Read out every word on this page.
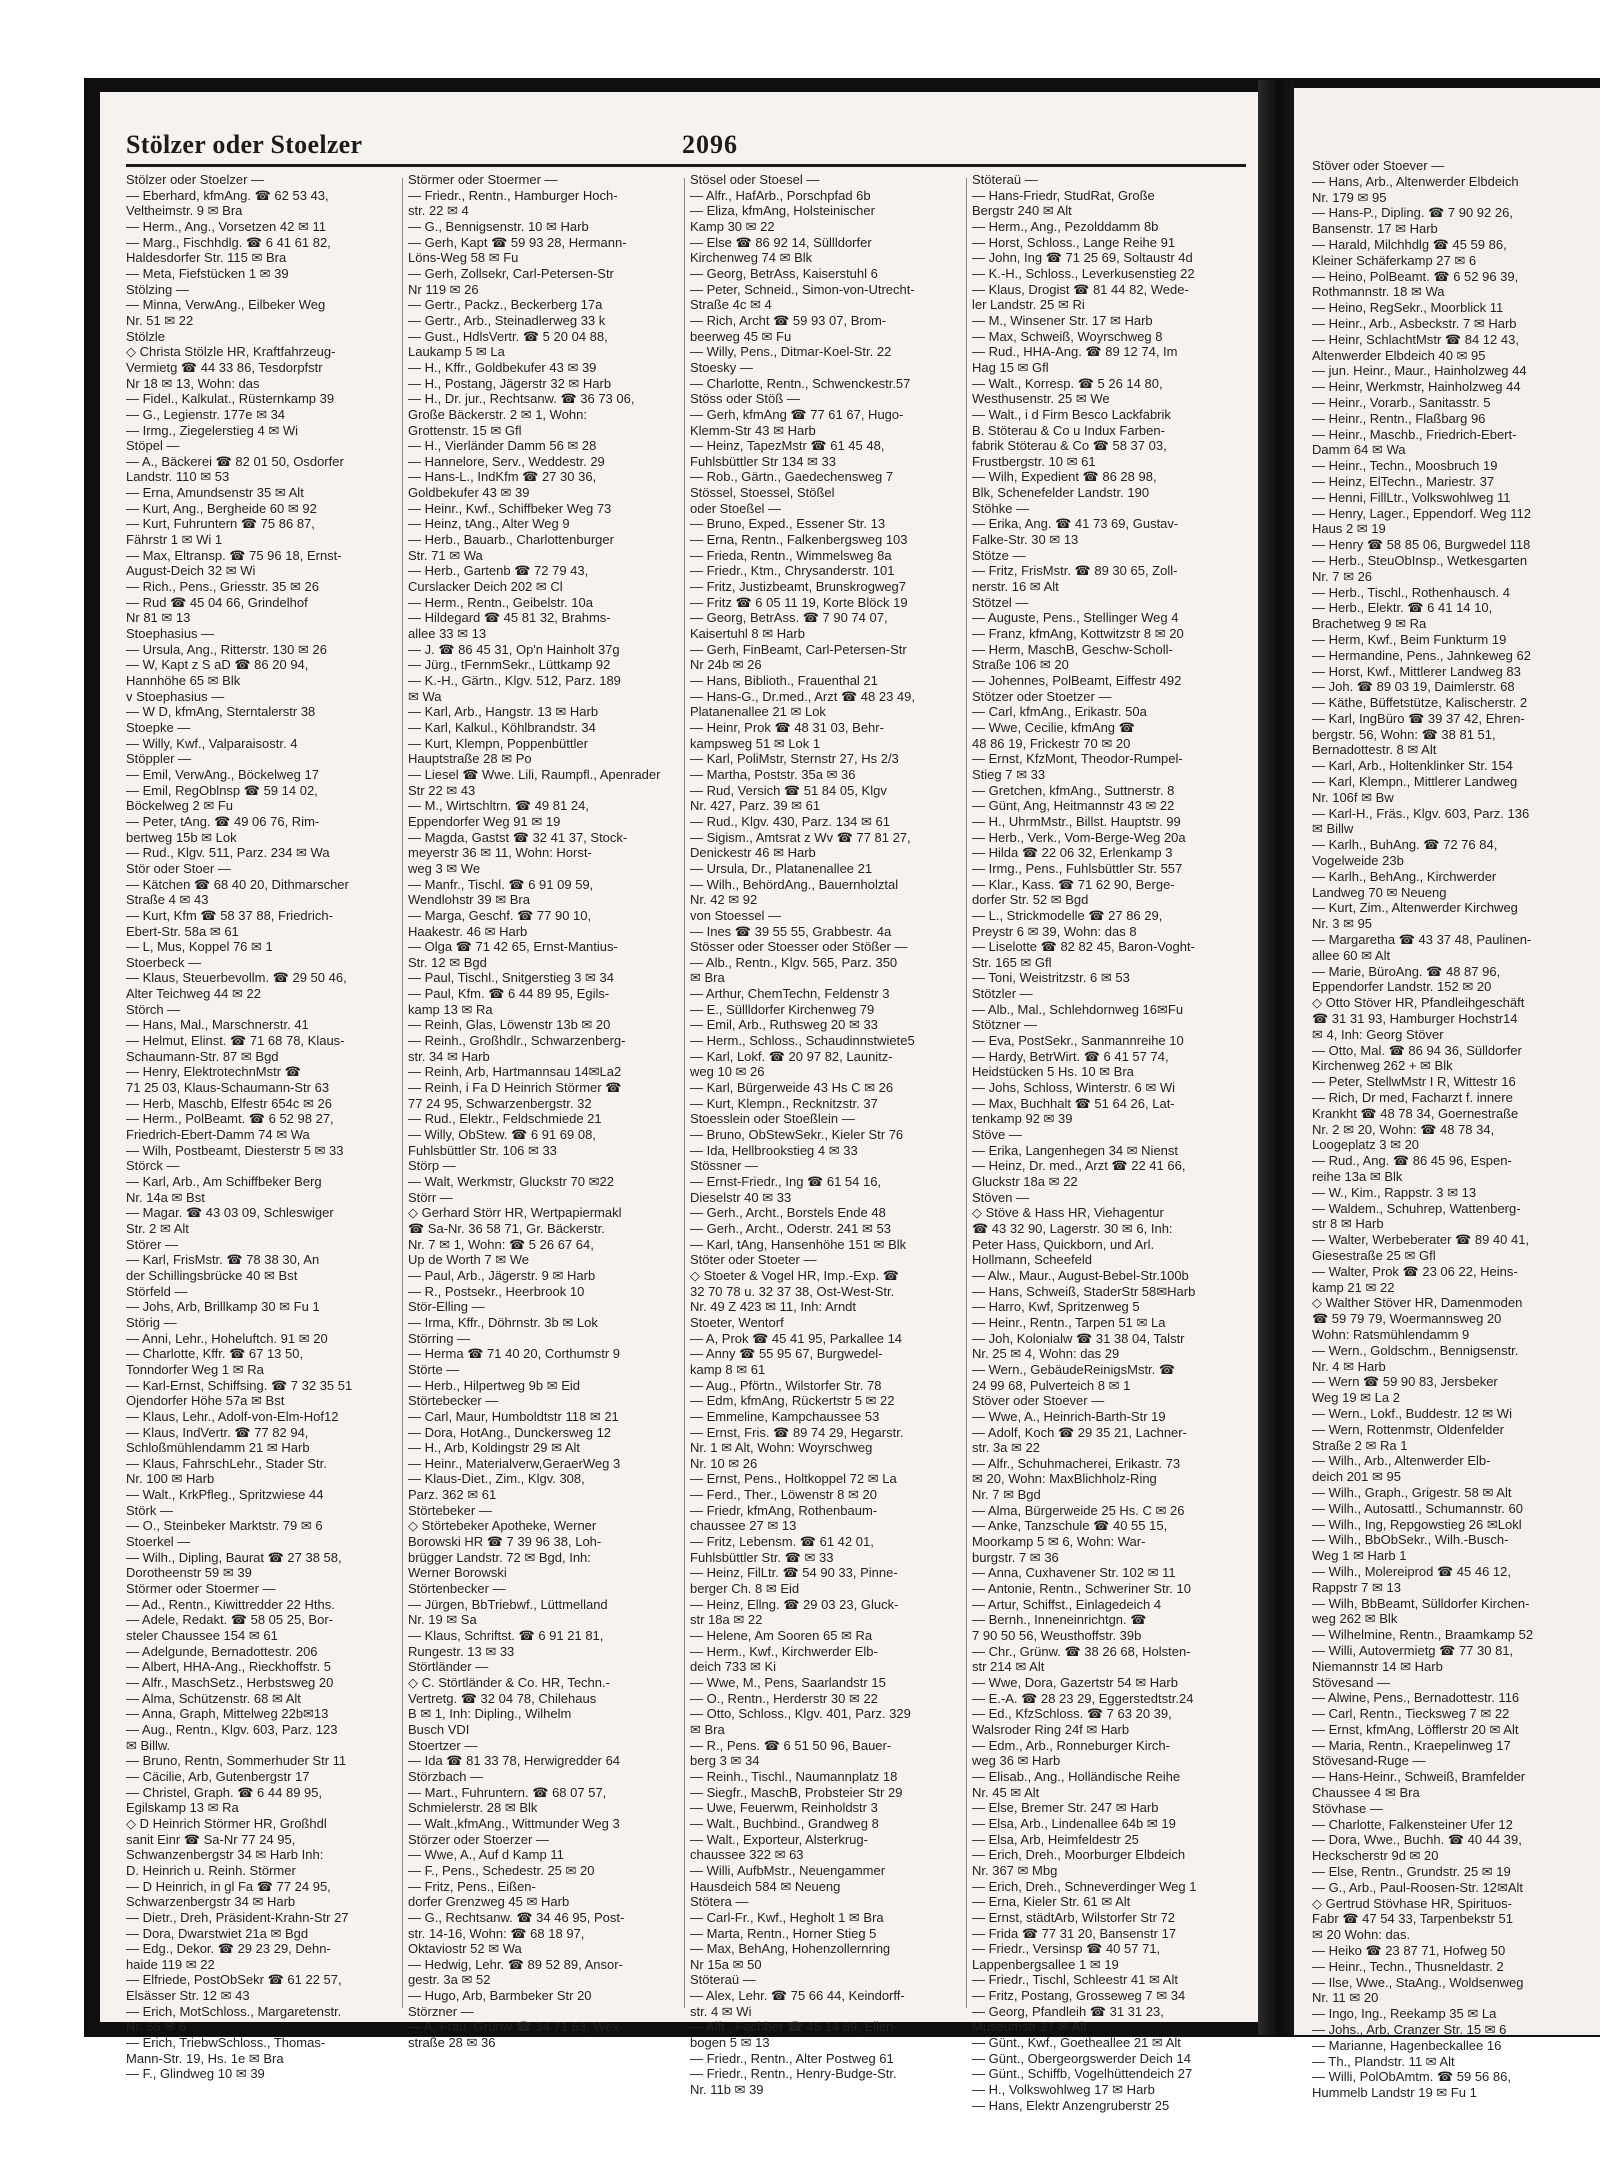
Stölzer oder Stoelzer	2096

Stölzer oder Stoelzer —

— Eberhard, kfmAng. ☎ 62 53 43,

Veltheimstr. 9 ✉ Bra

— Herm., Ang., Vorsetzen 42 ✉ 11

— Marg., Fischhdlg. ☎ 6 41 61 82,

Haldesdorfer Str. 115 ✉ Bra

— Meta, Fiefstücken 1 ✉ 39

Stölzing —

— Minna, VerwAng., Eilbeker Weg

Nr. 51 ✉ 22

Stölzle

◇ Christa Stölzle HR, Kraftfahrzeug-

Vermietg ☎ 44 33 86, Tesdorpfstr

Nr 18 ✉ 13, Wohn: das

— Fidel., Kalkulat., Rüsternkamp 39

— G., Legienstr. 177e ✉ 34

— Irmg., Ziegelerstieg 4 ✉ Wi

Stöpel —

— A., Bäckerei ☎ 82 01 50, Osdorfer

Landstr. 110 ✉ 53

— Erna, Amundsenstr 35 ✉ Alt

— Kurt, Ang., Bergheide 60 ✉ 92

— Kurt, Fuhruntern ☎ 75 86 87,

Fährstr 1 ✉ Wi 1

— Max, Eltransp. ☎ 75 96 18, Ernst-

August-Deich 32 ✉ Wi

— Rich., Pens., Griesstr. 35 ✉ 26

— Rud ☎ 45 04 66, Grindelhof

Nr 81 ✉ 13

Stoephasius —

— Ursula, Ang., Ritterstr. 130 ✉ 26

— W, Kapt z S aD ☎ 86 20 94,

Hannhöhe 65 ✉ Blk

v Stoephasius —

— W D, kfmAng, Sterntalerstr 38

Stoepke —

— Willy, Kwf., Valparaisostr. 4

Stöppler —

— Emil, VerwAng., Böckelweg 17

— Emil, RegOblnsp ☎ 59 14 02,

Böckelweg 2 ✉ Fu

— Peter, tAng. ☎ 49 06 76, Rim-

bertweg 15b ✉ Lok

— Rud., Klgv. 511, Parz. 234 ✉ Wa

Stör oder Stoer —

— Kätchen ☎ 68 40 20, Dithmarscher

Straße 4 ✉ 43

— Kurt, Kfm ☎ 58 37 88, Friedrich-

Ebert-Str. 58a ✉ 61

— L, Mus, Koppel 76 ✉ 1

Stoerbeck —

— Klaus, Steuerbevollm. ☎ 29 50 46,

Alter Teichweg 44 ✉ 22

Störch —

— Hans, Mal., Marschnerstr. 41

— Helmut, Elinst. ☎ 71 68 78, Klaus-

Schaumann-Str. 87 ✉ Bgd

— Henry, ElektrotechnMstr ☎

71 25 03, Klaus-Schaumann-Str 63

— Herb, Maschb, Elfestr 654c ✉ 26

— Herm., PolBeamt. ☎ 6 52 98 27,

Friedrich-Ebert-Damm 74 ✉ Wa

— Wilh, Postbeamt, Diesterstr 5 ✉ 33

Störck —

— Karl, Arb., Am Schiffbeker Berg

Nr. 14a ✉ Bst

— Magar. ☎ 43 03 09, Schleswiger

Str. 2 ✉ Alt

Störer —

— Karl, FrisMstr. ☎ 78 38 30, An

der Schillingsbrücke 40 ✉ Bst

Störfeld —

— Johs, Arb, Brillkamp 30 ✉ Fu 1

Störig —

— Anni, Lehr., Hoheluftch. 91 ✉ 20

— Charlotte, Kffr. ☎ 67 13 50,

Tonndorfer Weg 1 ✉ Ra

— Karl-Ernst, Schiffsing. ☎ 7 32 35 51

Ojendorfer Höhe 57a ✉ Bst

— Klaus, Lehr., Adolf-von-Elm-Hof12

— Klaus, IndVertr. ☎ 77 82 94,

Schloßmühlendamm 21 ✉ Harb

— Klaus, FahrschLehr., Stader Str.

Nr. 100 ✉ Harb

— Walt., KrkPfleg., Spritzwiese 44

Störk —

— O., Steinbeker Marktstr. 79 ✉ 6

Stoerkel —

— Wilh., Dipling, Baurat ☎ 27 38 58,

Dorotheenstr 59 ✉ 39

Störmer oder Stoermer —

— Ad., Rentn., Kiwittredder 22 Hths.

— Adele, Redakt. ☎ 58 05 25, Bor-

steler Chaussee 154 ✉ 61

— Adelgunde, Bernadottestr. 206

— Albert, HHA-Ang., Rieckhoffstr. 5

— Alfr., MaschSetz., Herbstsweg 20

— Alma, Schützenstr. 68 ✉ Alt

— Anna, Graph, Mittelweg 22b✉13

— Aug., Rentn., Klgv. 603, Parz. 123

✉ Billw.

— Bruno, Rentn, Sommerhuder Str 11

— Cäcilie, Arb, Gutenbergstr 17

— Christel, Graph. ☎ 6 44 89 95,

Egilskamp 13 ✉ Ra

◇ D Heinrich Störmer HR, Großhdl

sanit Einr ☎ Sa-Nr 77 24 95,

Schwanzenbergstr 34 ✉ Harb Inh:

D. Heinrich u. Reinh. Störmer

— D Heinrich, in gl Fa ☎ 77 24 95,

Schwarzenbergstr 34 ✉ Harb

— Dietr., Dreh, Präsident-Krahn-Str 27

— Dora, Dwarstwiet 21a ✉ Bgd

— Edg., Dekor. ☎ 29 23 29, Dehn-

haide 119 ✉ 22

— Elfriede, PostObSekr ☎ 61 22 57,

Elsässer Str. 12 ✉ 43

— Erich, MotSchloss., Margaretenstr.

Nr. 56 ✉ 6

— Erich, TriebwSchloss., Thomas-

Mann-Str. 19, Hs. 1e ✉ Bra

— F., Glindweg 10 ✉ 39

Störmer oder Stoermer —

— Friedr., Rentn., Hamburger Hoch-

str. 22 ✉ 4

— G., Bennigsenstr. 10 ✉ Harb

— Gerh, Kapt ☎ 59 93 28, Hermann-

Löns-Weg 58 ✉ Fu

— Gerh, Zollsekr, Carl-Petersen-Str

Nr 119 ✉ 26

— Gertr., Packz., Beckerberg 17a

— Gertr., Arb., Steinadlerweg 33 k

— Gust., HdlsVertr. ☎ 5 20 04 88,

Laukamp 5 ✉ La

— H., Kffr., Goldbekufer 43 ✉ 39

— H., Postang, Jägerstr 32 ✉ Harb

— H., Dr. jur., Rechtsanw. ☎ 36 73 06,

Große Bäckerstr. 2 ✉ 1, Wohn:

Grottenstr. 15 ✉ Gfl

— H., Vierländer Damm 56 ✉ 28

— Hannelore, Serv., Weddestr. 29

— Hans-L., IndKfm ☎ 27 30 36,

Goldbekufer 43 ✉ 39

— Heinr., Kwf., Schiffbeker Weg 73

— Heinz, tAng., Alter Weg 9

— Herb., Bauarb., Charlottenburger

Str. 71 ✉ Wa

— Herb., Gartenb ☎ 72 79 43,

Curslacker Deich 202 ✉ Cl

— Herm., Rentn., Geibelstr. 10a

— Hildegard ☎ 45 81 32, Brahms-

allee 33 ✉ 13

— J. ☎ 86 45 31, Op'n Hainholt 37g

— Jürg., tFernmSekr., Lüttkamp 92

— K.-H., Gärtn., Klgv. 512, Parz. 189

✉ Wa

— Karl, Arb., Hangstr. 13 ✉ Harb

— Karl, Kalkul., Köhlbrandstr. 34

— Kurt, Klempn, Poppenbüttler

Hauptstraße 28 ✉ Po

— Liesel ☎ Wwe. Lili, Raumpfl., Apenrader

Str 22 ✉ 43

— M., Wirtschltrn. ☎ 49 81 24,

Eppendorfer Weg 91 ✉ 19

— Magda, Gastst ☎ 32 41 37, Stock-

meyerstr 36 ✉ 11, Wohn: Horst-

weg 3 ✉ We

— Manfr., Tischl. ☎ 6 91 09 59,

Wendlohstr 39 ✉ Bra

— Marga, Geschf. ☎ 77 90 10,

Haakestr. 46 ✉ Harb

— Olga ☎ 71 42 65, Ernst-Mantius-

Str. 12 ✉ Bgd

— Paul, Tischl., Snitgerstieg 3 ✉ 34

— Paul, Kfm. ☎ 6 44 89 95, Egils-

kamp 13 ✉ Ra

— Reinh, Glas, Löwenstr 13b ✉ 20

— Reinh., Großhdlr., Schwarzenberg-

str. 34 ✉ Harb

— Reinh, Arb, Hartmannsau 14✉La2

— Reinh, i Fa D Heinrich Störmer ☎

77 24 95, Schwarzenbergstr. 32

— Rud., Elektr., Feldschmiede 21

— Willy, ObStew. ☎ 6 91 69 08,

Fuhlsbüttler Str. 106 ✉ 33

Störp —

— Walt, Werkmstr, Gluckstr 70 ✉22

Störr —

◇ Gerhard Störr HR, Wertpapiermakl

☎ Sa-Nr. 36 58 71, Gr. Bäckerstr.

Nr. 7 ✉ 1, Wohn: ☎ 5 26 67 64,

Up de Worth 7 ✉ We

— Paul, Arb., Jägerstr. 9 ✉ Harb

— R., Postsekr., Heerbrook 10

Stör-Elling —

— Irma, Kffr., Döhrnstr. 3b ✉ Lok

Störring —

— Herma ☎ 71 40 20, Corthumstr 9

Störte —

— Herb., Hilpertweg 9b ✉ Eid

Störtebecker —

— Carl, Maur, Humboldtstr 118 ✉ 21

— Dora, HotAng., Dunckersweg 12

— H., Arb, Koldingstr 29 ✉ Alt

— Heinr., Materialverw,GeraerWeg 3

— Klaus-Diet., Zim., Klgv. 308,

Parz. 362 ✉ 61

Störtebeker —

◇ Störtebeker Apotheke, Werner

Borowski HR ☎ 7 39 96 38, Loh-

brügger Landstr. 72 ✉ Bgd, Inh:

Werner Borowski

Störtenbecker —

— Jürgen, BbTriebwf., Lüttmelland

Nr. 19 ✉ Sa

— Klaus, Schriftst. ☎ 6 91 21 81,

Rungestr. 13 ✉ 33

Störtländer —

◇ C. Störtländer & Co. HR, Techn.-

Vertretg. ☎ 32 04 78, Chilehaus

B ✉ 1, Inh: Dipling., Wilhelm

Busch VDI

Stoertzer —

— Ida ☎ 81 33 78, Herwigredder 64

Störzbach —

— Mart., Fuhruntern. ☎ 68 07 57,

Schmielerstr. 28 ✉ Blk

— Walt.,kfmAng., Wittmunder Weg 3

Störzer oder Stoerzer —

— Wwe, A., Auf d Kamp 11

— F., Pens., Schedestr. 25 ✉ 20

— Fritz, Pens., Eißen-

dorfer Grenzweg 45 ✉ Harb

— G., Rechtsanw. ☎ 34 46 95, Post-

str. 14-16, Wohn: ☎ 68 18 97,

Oktaviostr 52 ✉ Wa

— Hedwig, Lehr. ☎ 89 52 89, Ansor-

gestr. 3a ✉ 52

— Hugo, Arb, Barmbeker Str 20

Störzner —

— A, Frau, Grünw ☎ 34 71 63, Wex-

straße 28 ✉ 36

Stösel oder Stoesel —

— Alfr., HafArb., Porschpfad 6b

— Eliza, kfmAng, Holsteinischer

Kamp 30 ✉ 22

— Else ☎ 86 92 14, Süllldorfer

Kirchenweg 74 ✉ Blk

— Georg, BetrAss, Kaiserstuhl 6

— Peter, Schneid., Simon-von-Utrecht-

Straße 4c ✉ 4

— Rich, Archt ☎ 59 93 07, Brom-

beerweg 45 ✉ Fu

— Willy, Pens., Ditmar-Koel-Str. 22

Stoesky —

— Charlotte, Rentn., Schwenckestr.57

Stöss oder Stöß —

— Gerh, kfmAng ☎ 77 61 67, Hugo-

Klemm-Str 43 ✉ Harb

— Heinz, TapezMstr ☎ 61 45 48,

Fuhlsbüttler Str 134 ✉ 33

— Rob., Gärtn., Gaedechensweg 7

Stössel, Stoessel, Stößel

oder Stoeßel —

— Bruno, Exped., Essener Str. 13

— Erna, Rentn., Falkenbergsweg 103

— Frieda, Rentn., Wimmelsweg 8a

— Friedr., Ktm., Chrysanderstr. 101

— Fritz, Justizbeamt, Brunskrogweg7

— Fritz ☎ 6 05 11 19, Korte Blöck 19

— Georg, BetrAss. ☎ 7 90 74 07,

Kaisertuhl 8 ✉ Harb

— Gerh, FinBeamt, Carl-Petersen-Str

Nr 24b ✉ 26

— Hans, Biblioth., Frauenthal 21

— Hans-G., Dr.med., Arzt ☎ 48 23 49,

Platanenallee 21 ✉ Lok

— Heinr, Prok ☎ 48 31 03, Behr-

kampsweg 51 ✉ Lok 1

— Karl, PoliMstr, Sternstr 27, Hs 2/3

— Martha, Poststr. 35a ✉ 36

— Rud, Versich ☎ 51 84 05, Klgv

Nr. 427, Parz. 39 ✉ 61

— Rud., Klgv. 430, Parz. 134 ✉ 61

— Sigism., Amtsrat z Wv ☎ 77 81 27,

Denickestr 46 ✉ Harb

— Ursula, Dr., Platanenallee 21

— Wilh., BehördAng., Bauernholztal

Nr. 42 ✉ 92

von Stoessel —

— Ines ☎ 39 55 55, Grabbestr. 4a

Stösser oder Stoesser oder Stößer —

— Alb., Rentn., Klgv. 565, Parz. 350

✉ Bra

— Arthur, ChemTechn, Feldenstr 3

— E., Süllldorfer Kirchenweg 79

— Emil, Arb., Ruthsweg 20 ✉ 33

— Herm., Schloss., Schaudinnstwiete5

— Karl, Lokf. ☎ 20 97 82, Launitz-

weg 10 ✉ 26

— Karl, Bürgerweide 43 Hs C ✉ 26

— Kurt, Klempn., Recknitzstr. 37

Stoesslein oder Stoeßlein —

— Bruno, ObStewSekr., Kieler Str 76

— Ida, Hellbrookstieg 4 ✉ 33

Stössner —

— Ernst-Friedr., Ing ☎ 61 54 16,

Dieselstr 40 ✉ 33

— Gerh., Archt., Borstels Ende 48

— Gerh., Archt., Oderstr. 241 ✉ 53

— Karl, tAng, Hansenhöhe 151 ✉ Blk

Stöter oder Stoeter —

◇ Stoeter & Vogel HR, Imp.-Exp. ☎

32 70 78 u. 32 37 38, Ost-West-Str.

Nr. 49 Z 423 ✉ 11, Inh: Arndt

Stoeter, Wentorf

— A, Prok ☎ 45 41 95, Parkallee 14

— Anny ☎ 55 95 67, Burgwedel-

kamp 8 ✉ 61

— Aug., Pförtn., Wilstorfer Str. 78

— Edm, kfmAng, Rückertstr 5 ✉ 22

— Emmeline, Kampchaussee 53

— Ernst, Fris. ☎ 89 74 29, Hegarstr.

Nr. 1 ✉ Alt, Wohn: Woyrschweg

Nr. 10 ✉ 26

— Ernst, Pens., Holtkoppel 72 ✉ La

— Ferd., Ther., Löwenstr 8 ✉ 20

— Friedr, kfmAng, Rothenbaum-

chaussee 27 ✉ 13

— Fritz, Lebensm. ☎ 61 42 01,

Fuhlsbüttler Str. ☎ ✉ 33

— Heinz, FilLtr. ☎ 54 90 33, Pinne-

berger Ch. 8 ✉ Eid

— Heinz, Ellng. ☎ 29 03 23, Gluck-

str 18a ✉ 22

— Helene, Am Sooren 65 ✉ Ra

— Herm., Kwf., Kirchwerder Elb-

deich 733 ✉ Ki

— Wwe, M., Pens, Saarlandstr 15

— O., Rentn., Herderstr 30 ✉ 22

— Otto, Schloss., Klgv. 401, Parz. 329

✉ Bra

— R., Pens. ☎ 6 51 50 96, Bauer-

berg 3 ✉ 34

— Reinh., Tischl., Naumannplatz 18

— Siegfr., MaschB, Probsteier Str 29

— Uwe, Feuerwm, Reinholdstr 3

— Walt., Buchbind., Grandweg 8

— Walt., Exporteur, Alsterkrug-

chaussee 322 ✉ 63

— Willi, AufbMstr., Neuengammer

Hausdeich 584 ✉ Neueng

Stötera —

— Carl-Fr., Kwf., Hegholt 1 ✉ Bra

— Marta, Rentn., Horner Stieg 5

— Max, BehAng, Hohenzollernring

Nr 15a ✉ 50

Stöteraü —

— Alex, Lehr. ☎ 75 66 44, Keindorff-

str. 4 ✉ Wi

— Alfr., Fachber ☎ 45 14 89, Ellen-

bogen 5 ✉ 13

— Friedr., Rentn., Alter Postweg 61

— Friedr., Rentn., Henry-Budge-Str.

Nr. 11b ✉ 39

Stöteraü —

— Hans-Friedr, StudRat, Große

Bergstr 240 ✉ Alt

— Herm., Ang., Pezolddamm 8b

— Horst, Schloss., Lange Reihe 91

— John, Ing ☎ 71 25 69, Soltaustr 4d

— K.-H., Schloss., Leverkusenstieg 22

— Klaus, Drogist ☎ 81 44 82, Wede-

ler Landstr. 25 ✉ Ri

— M., Winsener Str. 17 ✉ Harb

— Max, Schweiß, Woyrschweg 8

— Rud., HHA-Ang. ☎ 89 12 74, Im

Hag 15 ✉ Gfl

— Walt., Korresp. ☎ 5 26 14 80,

Westhusenstr. 25 ✉ We

— Walt., i d Firm Besco Lackfabrik

B. Stöterau & Co u Indux Farben-

fabrik Stöterau & Co ☎ 58 37 03,

Frustbergstr. 10 ✉ 61

— Wilh, Expedient ☎ 86 28 98,

Blk, Schenefelder Landstr. 190

Stöhke —

— Erika, Ang. ☎ 41 73 69, Gustav-

Falke-Str. 30 ✉ 13

Stötze —

— Fritz, FrisMstr. ☎ 89 30 65, Zoll-

nerstr. 16 ✉ Alt

Stötzel —

— Auguste, Pens., Stellinger Weg 4

— Franz, kfmAng, Kottwitzstr 8 ✉ 20

— Herm, MaschB, Geschw-Scholl-

Straße 106 ✉ 20

— Johennes, PolBeamt, Eiffestr 492

Stötzer oder Stoetzer —

— Carl, kfmAng., Erikastr. 50a

— Wwe, Cecilie, kfmAng ☎

48 86 19, Frickestr 70 ✉ 20

— Ernst, KfzMont, Theodor-Rumpel-

Stieg 7 ✉ 33

— Gretchen, kfmAng., Suttnerstr. 8

— Günt, Ang, Heitmannstr 43 ✉ 22

— H., UhrmMstr., Billst. Hauptstr. 99

— Herb., Verk., Vom-Berge-Weg 20a

— Hilda ☎ 22 06 32, Erlenkamp 3

— Irmg., Pens., Fuhlsbüttler Str. 557

— Klar., Kass. ☎ 71 62 90, Berge-

dorfer Str. 52 ✉ Bgd

— L., Strickmodelle ☎ 27 86 29,

Preystr 6 ✉ 39, Wohn: das 8

— Liselotte ☎ 82 82 45, Baron-Voght-

Str. 165 ✉ Gfl

— Toni, Weistritzstr. 6 ✉ 53

Stötzler —

— Alb., Mal., Schlehdornweg 16✉Fu

Stötzner —

— Eva, PostSekr., Sanmannreihe 10

— Hardy, BetrWirt. ☎ 6 41 57 74,

Heidstücken 5 Hs. 10 ✉ Bra

— Johs, Schloss, Winterstr. 6 ✉ Wi

— Max, Buchhalt ☎ 51 64 26, Lat-

tenkamp 92 ✉ 39

Stöve —

— Erika, Langenhegen 34 ✉ Nienst

— Heinz, Dr. med., Arzt ☎ 22 41 66,

Gluckstr 18a ✉ 22

Stöven —

◇ Stöve & Hass HR, Viehagentur

☎ 43 32 90, Lagerstr. 30 ✉ 6, Inh:

Peter Hass, Quickborn, und Arl.

Hollmann, Scheefeld

— Alw., Maur., August-Bebel-Str.100b

— Hans, Schweiß, StaderStr 58✉Harb

— Harro, Kwf, Spritzenweg 5

— Heinr., Rentn., Tarpen 51 ✉ La

— Joh, Kolonialw ☎ 31 38 04, Talstr

Nr. 25 ✉ 4, Wohn: das 29

— Wern., GebäudeReinigsMstr. ☎

24 99 68, Pulverteich 8 ✉ 1

Stöver oder Stoever —

— Wwe, A., Heinrich-Barth-Str 19

— Adolf, Koch ☎ 29 35 21, Lachner-

str. 3a ✉ 22

— Alfr., Schuhmacherei, Erikastr. 73

✉ 20, Wohn: MaxBlichholz-Ring

Nr. 7 ✉ Bgd

— Alma, Bürgerweide 25 Hs. C ✉ 26

— Anke, Tanzschule ☎ 40 55 15,

Moorkamp 5 ✉ 6, Wohn: War-

burgstr. 7 ✉ 36

— Anna, Cuxhavener Str. 102 ✉ 11

— Antonie, Rentn., Schweriner Str. 10

— Artur, Schiffst., Einlagedeich 4

— Bernh., Inneneinrichtgn. ☎

7 90 50 56, Weusthoffstr. 39b

— Chr., Grünw. ☎ 38 26 68, Holsten-

str 214 ✉ Alt

— Wwe, Dora, Gazertstr 54 ✉ Harb

— E.-A. ☎ 28 23 29, Eggerstedtstr.24

— Ed., KfzSchloss. ☎ 7 63 20 39,

Walsroder Ring 24f ✉ Harb

— Edm., Arb., Ronneburger Kirch-

weg 36 ✉ Harb

— Elisab., Ang., Holländische Reihe

Nr. 45 ✉ Alt

— Else, Bremer Str. 247 ✉ Harb

— Elsa, Arb., Lindenallee 64b ✉ 19

— Elsa, Arb, Heimfeldestr 25

— Erich, Dreh., Moorburger Elbdeich

Nr. 367 ✉ Mbg

— Erich, Dreh., Schneverdinger Weg 1

— Erna, Kieler Str. 61 ✉ Alt

— Ernst, städtArb, Wilstorfer Str 72

— Frida ☎ 77 31 20, Bansenstr 17

— Friedr., Versinsp ☎ 40 57 71,

Lappenbergsallee 1 ✉ 19

— Friedr., Tischl, Schleestr 41 ✉ Alt

— Fritz, Postang, Grosseweg 7 ✉ 34

— Georg, Pfandleih ☎ 31 31 23,

Museumstr 27 ✉ Alt

— Günt., Kwf., Goetheallee 21 ✉ Alt

— Günt., Obergeorgswerder Deich 14

— Günt., Schiffb, Vogelhüttendeich 27

— H., Volkswohlweg 17 ✉ Harb

— Hans, Elektr Anzengruberstr 25

Stöver oder Stoever —

— Hans, Arb., Altenwerder Elbdeich

Nr. 179 ✉ 95

— Hans-P., Dipling. ☎ 7 90 92 26,

Bansenstr. 17 ✉ Harb

— Harald, Milchhdlg ☎ 45 59 86,

Kleiner Schäferkamp 27 ✉ 6

— Heino, PolBeamt. ☎ 6 52 96 39,

Rothmannstr. 18 ✉ Wa

— Heino, RegSekr., Moorblick 11

— Heinr., Arb., Asbeckstr. 7 ✉ Harb

— Heinr, SchlachtMstr ☎ 84 12 43,

Altenwerder Elbdeich 40 ✉ 95

— jun. Heinr., Maur., Hainholzweg 44

— Heinr, Werkmstr, Hainholzweg 44

— Heinr., Vorarb., Sanitasstr. 5

— Heinr., Rentn., Flaßbarg 96

— Heinr., Maschb., Friedrich-Ebert-

Damm 64 ✉ Wa

— Heinr., Techn., Moosbruch 19

— Heinz, ElTechn., Mariestr. 37

— Henni, FillLtr., Volkswohlweg 11

— Henry, Lager., Eppendorf. Weg 112

Haus 2 ✉ 19

— Henry ☎ 58 85 06, Burgwedel 118

— Herb., SteuObInsp., Wetkesgarten

Nr. 7 ✉ 26

— Herb., Tischl., Rothenhausch. 4

— Herb., Elektr. ☎ 6 41 14 10,

Brachetweg 9 ✉ Ra

— Herm, Kwf., Beim Funkturm 19

— Hermandine, Pens., Jahnkeweg 62

— Horst, Kwf., Mittlerer Landweg 83

— Joh. ☎ 89 03 19, Daimlerstr. 68

— Käthe, Büffetstütze, Kalischerstr. 2

— Karl, IngBüro ☎ 39 37 42, Ehren-

bergstr. 56, Wohn: ☎ 38 81 51,

Bernadottestr. 8 ✉ Alt

— Karl, Arb., Holtenklinker Str. 154

— Karl, Klempn., Mittlerer Landweg

Nr. 106f ✉ Bw

— Karl-H., Fräs., Klgv. 603, Parz. 136

✉ Billw

— Karlh., BuhAng. ☎ 72 76 84,

Vogelweide 23b

— Karlh., BehAng., Kirchwerder

Landweg 70 ✉ Neueng

— Kurt, Zim., Altenwerder Kirchweg

Nr. 3 ✉ 95

— Margaretha ☎ 43 37 48, Paulinen-

allee 60 ✉ Alt

— Marie, BüroAng. ☎ 48 87 96,

Eppendorfer Landstr. 152 ✉ 20

◇ Otto Stöver HR, Pfandleihgeschäft

☎ 31 31 93, Hamburger Hochstr14

✉ 4, Inh: Georg Stöver

— Otto, Mal. ☎ 86 94 36, Sülldorfer

Kirchenweg 262 + ✉ Blk

— Peter, StellwMstr I R, Wittestr 16

— Rich, Dr med, Facharzt f. innere

Krankht ☎ 48 78 34, Goernestraße

Nr. 2 ✉ 20, Wohn: ☎ 48 78 34,

Loogeplatz 3 ✉ 20

— Rud., Ang. ☎ 86 45 96, Espen-

reihe 13a ✉ Blk

— W., Kim., Rappstr. 3 ✉ 13

— Waldem., Schuhrep, Wattenberg-

str 8 ✉ Harb

— Walter, Werbeberater ☎ 89 40 41,

Giesestraße 25 ✉ Gfl

— Walter, Prok ☎ 23 06 22, Heins-

kamp 21 ✉ 22

◇ Walther Stöver HR, Damenmoden

☎ 59 79 79, Woermannsweg 20

Wohn: Ratsmühlendamm 9

— Wern., Goldschm., Bennigsenstr.

Nr. 4 ✉ Harb

— Wern ☎ 59 90 83, Jersbeker

Weg 19 ✉ La 2

— Wern., Lokf., Buddestr. 12 ✉ Wi

— Wern, Rottenmstr, Oldenfelder

Straße 2 ✉ Ra 1

— Wilh., Arb., Altenwerder Elb-

deich 201 ✉ 95

— Wilh., Graph., Grigestr. 58 ✉ Alt

— Wilh., Autosattl., Schumannstr. 60

— Wilh., Ing, Repgowstieg 26 ✉Lokl

— Wilh., BbObSekr., Wilh.-Busch-

Weg 1 ✉ Harb 1

— Wilh., Molereiprod ☎ 45 46 12,

Rappstr 7 ✉ 13

— Wilh, BbBeamt, Sülldorfer Kirchen-

weg 262 ✉ Blk

— Wilhelmine, Rentn., Braamkamp 52

— Willi, Autovermietg ☎ 77 30 81,

Niemannstr 14 ✉ Harb

Stövesand —

— Alwine, Pens., Bernadottestr. 116

— Carl, Rentn., Tiecksweg 7 ✉ 22

— Ernst, kfmAng, Löfflerstr 20 ✉ Alt

— Maria, Rentn., Kraepelinweg 17

Stövesand-Ruge —

— Hans-Heinr., Schweiß, Bramfelder

Chaussee 4 ✉ Bra

Stövhase —

— Charlotte, Falkensteiner Ufer 12

— Dora, Wwe., Buchh. ☎ 40 44 39,

Heckscherstr 9d ✉ 20

— Else, Rentn., Grundstr. 25 ✉ 19

— G., Arb., Paul-Roosen-Str. 12✉Alt

◇ Gertrud Stövhase HR, Spirituos-

Fabr ☎ 47 54 33, Tarpenbekstr 51

✉ 20 Wohn: das.

— Heiko ☎ 23 87 71, Hofweg 50

— Heinr., Techn., Thusneldastr. 2

— Ilse, Wwe., StaAng., Woldsenweg

Nr. 11 ✉ 20

— Ingo, Ing., Reekamp 35 ✉ La

— Johs., Arb, Cranzer Str. 15 ✉ 6

— Marianne, Hagenbeckallee 16

— Th., Plandstr. 11 ✉ Alt

— Willi, PolObAmtm. ☎ 59 56 86,

Hummelb Landstr 19 ✉ Fu 1
